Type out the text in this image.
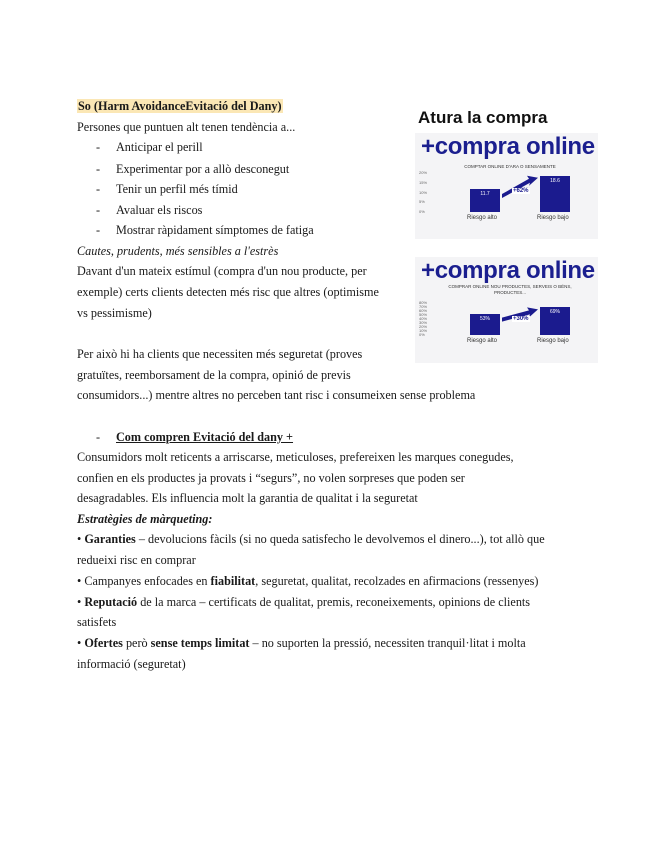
So (Harm AvoidanceEvitació del Dany)
Persones que puntuen alt tenen tendència a...
- Anticipar el perill
- Experimentar por a allò desconegut
- Tenir un perfil més tímid
- Avaluar els riscos
- Mostrar ràpidament símptomes de fatiga
Cautes, prudents, més sensibles a l'estrès
Davant d'un mateix estímul (compra d'un nou producte, per
exemple) certs clients detecten més risc que altres (optimisme
vs pessimisme)
Per això hi ha clients que necessiten més seguretat (proves
gratuïtes, reemborsament de la compra, opinió de previs
consumidors...) mentre altres no perceben tant risc i consumeixen sense problema
- Com compren Evitació del dany +
Consumidors molt reticents a arriscarse, meticuloses, prefereixen les marques conegudes,
confien en els productes ja provats i “segurs”, no volen sorpreses que poden ser
desagradables. Els influencia molt la garantia de qualitat i la seguretat
Estratègies de màrqueting:
• Garanties – devolucions fàcils (si no queda satisfecho le devolvemos el dinero...), tot allò que
redueixi risc en comprar
• Campanyes enfocades en fiabilitat, seguretat, qualitat, recolzades en afirmacions (ressenyes)
• Reputació de la marca – certificats de qualitat, premis, reconeixements, opinions de clients
satisfets
• Ofertes però sense temps limitat – no suporten la pressió, necessiten tranquil·litat i molta
informació (seguretat)
Atura la compra
+compra online
COMPTAR ONLINE D'ARA O SENSAMENTE
20%
15%
10%
5%
0%
11.7
Riesgo alto
18.6
Riesgo bajo
+62%
+compra online
COMPRAR ONLINE NOU PRODUCTES, SERVEIS O BÉNS, PRODUCTES...
80%
70%
60%
50%
40%
30%
20%
10%
0%
53%
Riesgo alto
69%
Riesgo bajo
+30%
